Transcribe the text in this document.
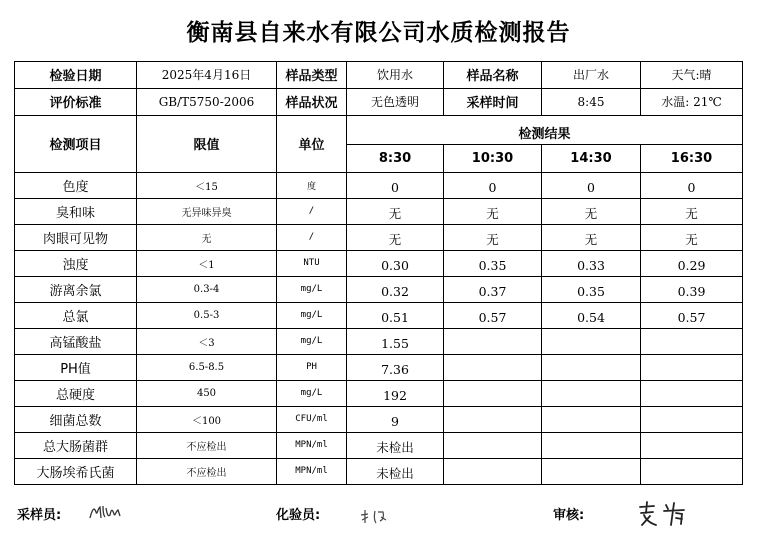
衡南县自来水有限公司水质检测报告
检验日期	2025年4月16日	样品类型	饮用水	样品名称	出厂水	天气:晴
评价标准	GB/T5750-2006	样品状况	无色透明	采样时间	8:45	水温: 21℃
检测项目	限值	单位	检测结果			
			8:30	10:30	14:30	16:30
色度	＜15	度	0	0	0	0
臭和味	无异味异臭	/	无	无	无	无
肉眼可见物	无	/	无	无	无	无
浊度	＜1	NTU	0.30	0.35	0.33	0.29
游离余氯	0.3-4	mg/L	0.32	0.37	0.35	0.39
总氯	0.5-3	mg/L	0.51	0.57	0.54	0.57
高锰酸盐	＜3	mg/L	1.55			
PH值	6.5-8.5	PH	7.36			
总硬度	450	mg/L	192			
细菌总数	＜100	CFU/ml	9			
总大肠菌群	不应检出	MPN/ml	未检出			
大肠埃希氏菌	不应检出	MPN/ml	未检出			
采样员:	化验员:	审核:
